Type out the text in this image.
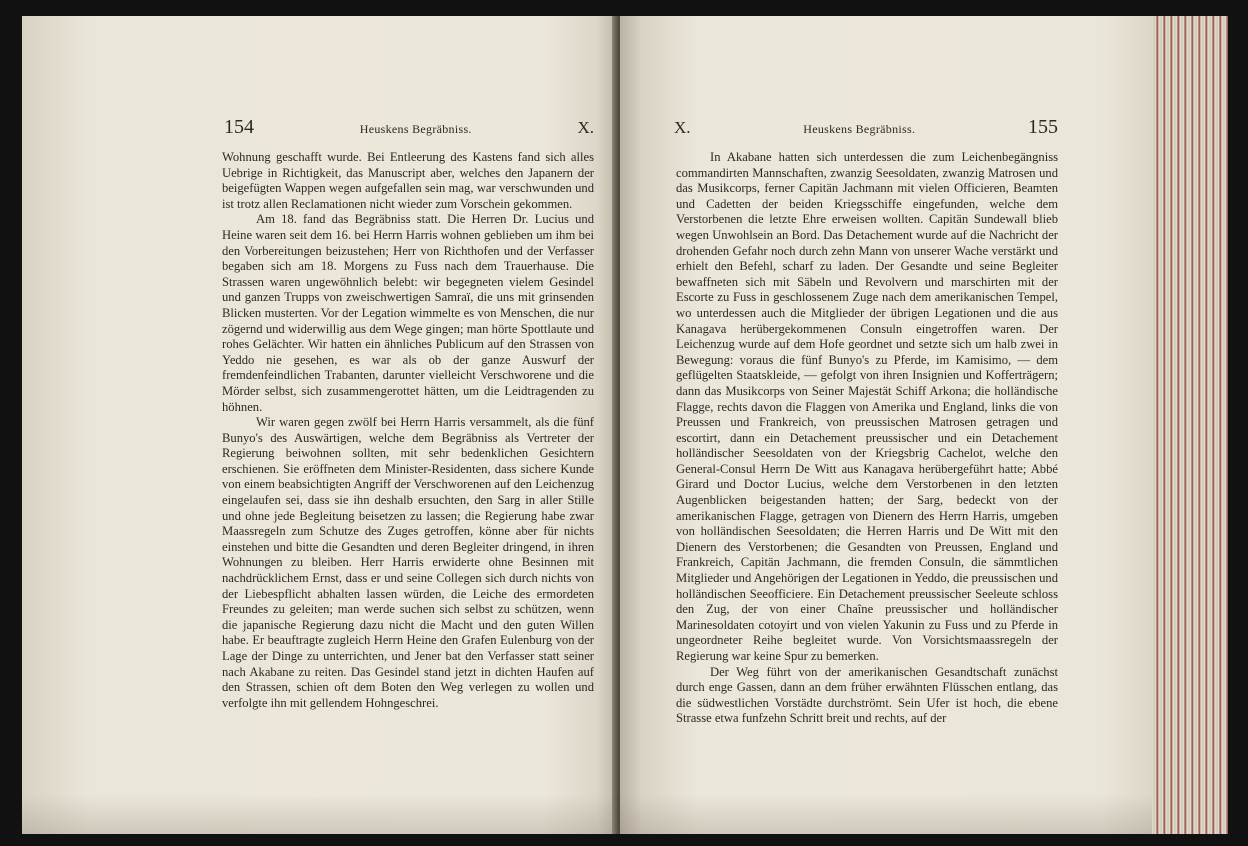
154	Heuskens Begräbniss.	X.

Wohnung geschafft wurde. Bei Entleerung des Kastens fand sich alles Uebrige in Richtigkeit, das Manuscript aber, welches den Japanern der beigefügten Wappen wegen aufgefallen sein mag, war verschwunden und ist trotz allen Reclamationen nicht wieder zum Vorschein gekommen.

Am 18. fand das Begräbniss statt. Die Herren Dr. Lucius und Heine waren seit dem 16. bei Herrn Harris wohnen geblieben um ihm bei den Vorbereitungen beizustehen; Herr von Richthofen und der Verfasser begaben sich am 18. Morgens zu Fuss nach dem Trauerhause. Die Strassen waren ungewöhnlich belebt: wir begegneten vielem Gesindel und ganzen Trupps von zweischwertigen Samraï, die uns mit grinsenden Blicken musterten. Vor der Legation wimmelte es von Menschen, die nur zögernd und widerwillig aus dem Wege gingen; man hörte Spottlaute und rohes Gelächter. Wir hatten ein ähnliches Publicum auf den Strassen von Yeddo nie gesehen, es war als ob der ganze Auswurf der fremdenfeindlichen Trabanten, darunter vielleicht Verschworene und die Mörder selbst, sich zusammengerottet hätten, um die Leidtragenden zu höhnen.

Wir waren gegen zwölf bei Herrn Harris versammelt, als die fünf Bunyo's des Auswärtigen, welche dem Begräbniss als Vertreter der Regierung beiwohnen sollten, mit sehr bedenklichen Gesichtern erschienen. Sie eröffneten dem Minister-Residenten, dass sichere Kunde von einem beabsichtigten Angriff der Verschworenen auf den Leichenzug eingelaufen sei, dass sie ihn deshalb ersuchten, den Sarg in aller Stille und ohne jede Begleitung beisetzen zu lassen; die Regierung habe zwar Maassregeln zum Schutze des Zuges getroffen, könne aber für nichts einstehen und bitte die Gesandten und deren Begleiter dringend, in ihren Wohnungen zu bleiben. Herr Harris erwiderte ohne Besinnen mit nachdrücklichem Ernst, dass er und seine Collegen sich durch nichts von der Liebespflicht abhalten lassen würden, die Leiche des ermordeten Freundes zu geleiten; man werde suchen sich selbst zu schützen, wenn die japanische Regierung dazu nicht die Macht und den guten Willen habe. Er beauftragte zugleich Herrn Heine den Grafen Eulenburg von der Lage der Dinge zu unterrichten, und Jener bat den Verfasser statt seiner nach Akabane zu reiten. Das Gesindel stand jetzt in dichten Haufen auf den Strassen, schien oft dem Boten den Weg verlegen zu wollen und verfolgte ihn mit gellendem Hohngeschrei.

X.	Heuskens Begräbniss.	155

In Akabane hatten sich unterdessen die zum Leichenbegängniss commandirten Mannschaften, zwanzig Seesoldaten, zwanzig Matrosen und das Musikcorps, ferner Capitän Jachmann mit vielen Officieren, Beamten und Cadetten der beiden Kriegsschiffe eingefunden, welche dem Verstorbenen die letzte Ehre erweisen wollten. Capitän Sundewall blieb wegen Unwohlsein an Bord. Das Detachement wurde auf die Nachricht der drohenden Gefahr noch durch zehn Mann von unserer Wache verstärkt und erhielt den Befehl, scharf zu laden. Der Gesandte und seine Begleiter bewaffneten sich mit Säbeln und Revolvern und marschirten mit der Escorte zu Fuss in geschlossenem Zuge nach dem amerikanischen Tempel, wo unterdessen auch die Mitglieder der übrigen Legationen und die aus Kanagava herübergekommenen Consuln eingetroffen waren. Der Leichenzug wurde auf dem Hofe geordnet und setzte sich um halb zwei in Bewegung: voraus die fünf Bunyo's zu Pferde, im Kamisimo, — dem geflügelten Staatskleide, — gefolgt von ihren Insignien und Kofferträgern; dann das Musikcorps von Seiner Majestät Schiff Arkona; die holländische Flagge, rechts davon die Flaggen von Amerika und England, links die von Preussen und Frankreich, von preussischen Matrosen getragen und escortirt, dann ein Detachement preussischer und ein Detachement holländischer Seesoldaten von der Kriegsbrig Cachelot, welche den General-Consul Herrn De Witt aus Kanagava herübergeführt hatte; Abbé Girard und Doctor Lucius, welche dem Verstorbenen in den letzten Augenblicken beigestanden hatten; der Sarg, bedeckt von der amerikanischen Flagge, getragen von Dienern des Herrn Harris, umgeben von holländischen Seesoldaten; die Herren Harris und De Witt mit den Dienern des Verstorbenen; die Gesandten von Preussen, England und Frankreich, Capitän Jachmann, die fremden Consuln, die sämmtlichen Mitglieder und Angehörigen der Legationen in Yeddo, die preussischen und holländischen Seeofficiere. Ein Detachement preussischer Seeleute schloss den Zug, der von einer Chaîne preussischer und holländischer Marinesoldaten cotoyirt und von vielen Yakunin zu Fuss und zu Pferde in ungeordneter Reihe begleitet wurde. Von Vorsichtsmaassregeln der Regierung war keine Spur zu bemerken.

Der Weg führt von der amerikanischen Gesandtschaft zunächst durch enge Gassen, dann an dem früher erwähnten Flüsschen entlang, das die südwestlichen Vorstädte durchströmt. Sein Ufer ist hoch, die ebene Strasse etwa funfzehn Schritt breit und rechts, auf der
